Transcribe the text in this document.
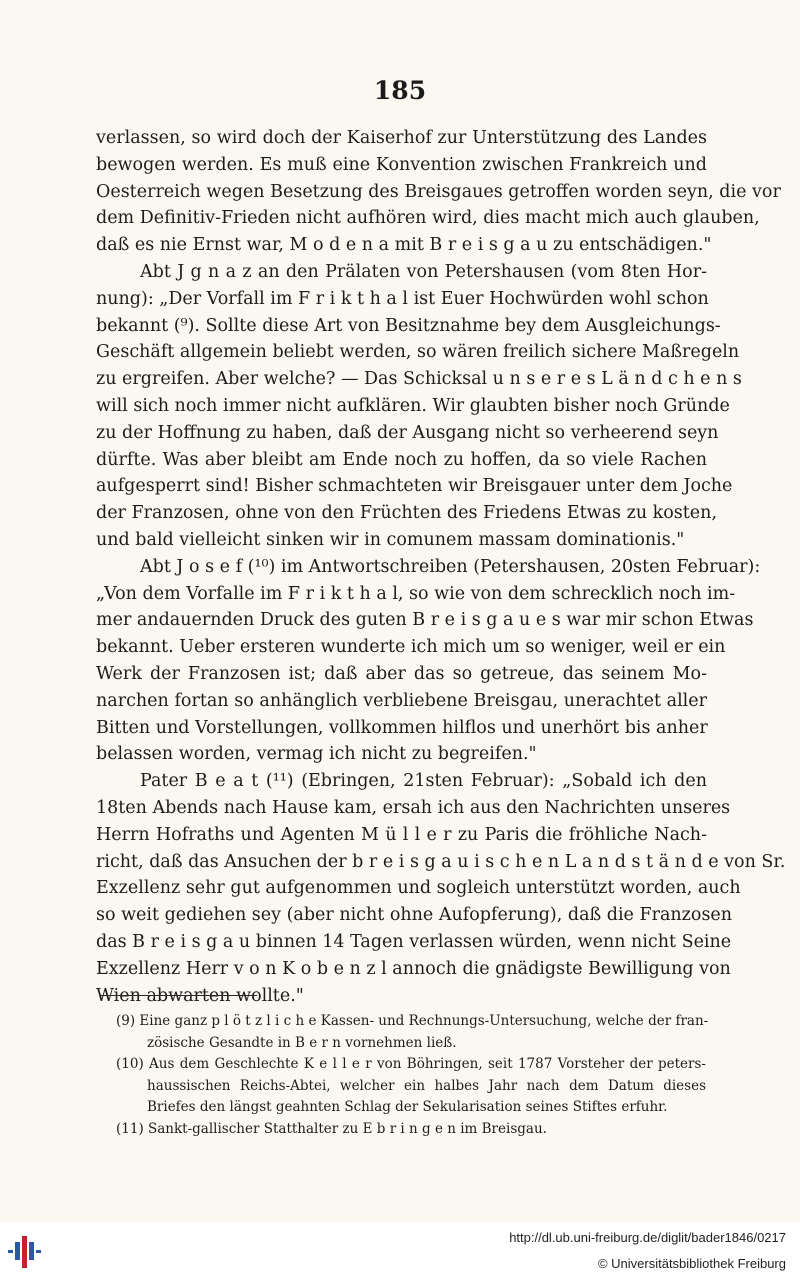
185
verlassen, so wird doch der Kaiserhof zur Unterstützung des Landes
bewogen werden. Es muß eine Konvention zwischen Frankreich und
Oesterreich wegen Besetzung des Breisgaues getroffen worden seyn, die vor
dem Definitiv-Frieden nicht aufhören wird, dies macht mich auch glauben,
daß es nie Ernst war, M o d e n a mit B r e i s g a u zu entschädigen."
Abt J g n a z an den Prälaten von Petershausen (vom 8ten Hor-
nung): „Der Vorfall im F r i k t h a l ist Euer Hochwürden wohl schon
bekannt (⁹). Sollte diese Art von Besitznahme bey dem Ausgleichungs-
Geschäft allgemein beliebt werden, so wären freilich sichere Maßregeln
zu ergreifen. Aber welche? — Das Schicksal u n s e r e s L ä n d c h e n s
will sich noch immer nicht aufklären. Wir glaubten bisher noch Gründe
zu der Hoffnung zu haben, daß der Ausgang nicht so verheerend seyn
dürfte. Was aber bleibt am Ende noch zu hoffen, da so viele Rachen
aufgesperrt sind! Bisher schmachteten wir Breisgauer unter dem Joche
der Franzosen, ohne von den Früchten des Friedens Etwas zu kosten,
und bald vielleicht sinken wir in comunem massam dominationis."
Abt J o s e f (¹⁰) im Antwortschreiben (Petershausen, 20sten Februar):
„Von dem Vorfalle im F r i k t h a l, so wie von dem schrecklich noch im-
mer andauernden Druck des guten B r e i s g a u e s war mir schon Etwas
bekannt. Ueber ersteren wunderte ich mich um so weniger, weil er ein
Werk der Franzosen ist; daß aber das so getreue, das seinem Mo-
narchen fortan so anhänglich verbliebene Breisgau, unerachtet aller
Bitten und Vorstellungen, vollkommen hilflos und unerhört bis anher
belassen worden, vermag ich nicht zu begreifen."
Pater B e a t (¹¹) (Ebringen, 21sten Februar): „Sobald ich den
18ten Abends nach Hause kam, ersah ich aus den Nachrichten unseres
Herrn Hofraths und Agenten M ü l l e r zu Paris die fröhliche Nach-
richt, daß das Ansuchen der b r e i s g a u i s c h e n L a n d s t ä n d e von Sr.
Exzellenz sehr gut aufgenommen und sogleich unterstützt worden, auch
so weit gediehen sey (aber nicht ohne Aufopferung), daß die Franzosen
das B r e i s g a u binnen 14 Tagen verlassen würden, wenn nicht Seine
Exzellenz Herr v o n K o b e n z l annoch die gnädigste Bewilligung von
Wien abwarten wollte."
(9) Eine ganz p l ö t z l i c h e Kassen- und Rechnungs-Untersuchung, welche der fran-
zösische Gesandte in B e r n vornehmen ließ.
(10) Aus dem Geschlechte K e l l e r von Böhringen, seit 1787 Vorsteher der peters-
haussischen Reichs-Abtei, welcher ein halbes Jahr nach dem Datum dieses
Briefes den längst geahnten Schlag der Sekularisation seines Stiftes erfuhr.
(11) Sankt-gallischer Statthalter zu E b r i n g e n im Breisgau.
http://dl.ub.uni-freiburg.de/diglit/bader1846/0217
© Universitätsbibliothek Freiburg
